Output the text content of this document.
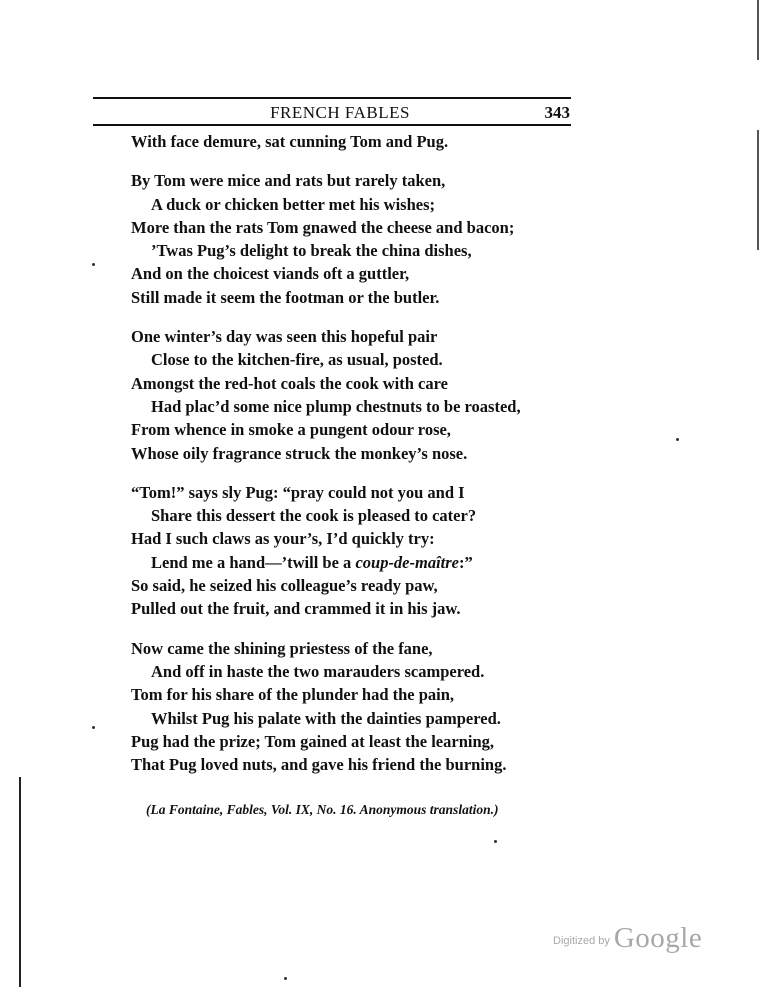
FRENCH FABLES	343
With face demure, sat cunning Tom and Pug.
By Tom were mice and rats but rarely taken,
A duck or chicken better met his wishes;
More than the rats Tom gnawed the cheese and bacon;
’Twas Pug’s delight to break the china dishes,
And on the choicest viands oft a guttler,
Still made it seem the footman or the butler.
One winter’s day was seen this hopeful pair
Close to the kitchen-fire, as usual, posted.
Amongst the red-hot coals the cook with care
Had plac’d some nice plump chestnuts to be roasted,
From whence in smoke a pungent odour rose,
Whose oily fragrance struck the monkey’s nose.
“Tom!” says sly Pug: “pray could not you and I
Share this dessert the cook is pleased to cater?
Had I such claws as your’s, I’d quickly try:
Lend me a hand—’twill be a coup-de-maître:”
So said, he seized his colleague’s ready paw,
Pulled out the fruit, and crammed it in his jaw.
Now came the shining priestess of the fane,
And off in haste the two marauders scampered.
Tom for his share of the plunder had the pain,
Whilst Pug his palate with the dainties pampered.
Pug had the prize; Tom gained at least the learning,
That Pug loved nuts, and gave his friend the burning.
(La Fontaine, Fables, Vol. IX, No. 16. Anonymous translation.)
Digitized by Google
